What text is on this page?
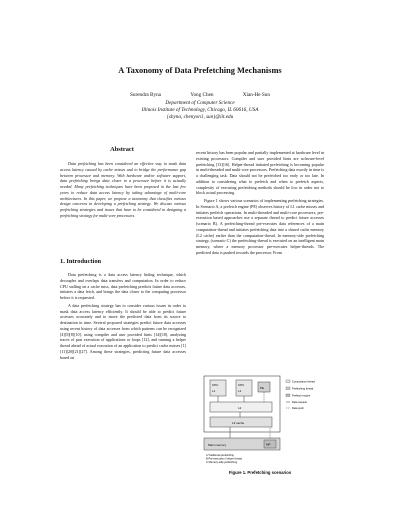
A Taxonomy of Data Prefetching Mechanisms
Surendra Byna	Yong Chen	Xian-He Sun
Department of Computer Science
Illinois Institute of Technology, Chicago, IL 60616, USA
{sbyna, chenyon1, sun}@iit.edu
Abstract

Data prefetching has been considered an effective way to mask data access latency caused by cache misses and to bridge the performance gap between processor and memory. With hardware and/or software support, data prefetching brings data closer to a processor before it is actually needed. Many prefetching techniques have been proposed in the last few years to reduce data access latency by taking advantage of multi-core architectures. In this paper, we propose a taxonomy that classifies various design concerns in developing a prefetching strategy. We discuss various prefetching strategies and issues that have to be considered in designing a prefetching strategy for multi-core processors.

1. Introduction

Data prefetching is a data access latency hiding technique, which decouples and overlaps data transfers and computation. In order to reduce CPU stalling on a cache miss, data prefetching predicts future data accesses, initiates a data fetch, and brings the data closer to the computing processor before it is requested.

A data prefetching strategy has to consider various issues in order to mask data access latency efficiently. It should be able to predict future accesses accurately and to move the predicted data from its source to destination in time. Several proposed strategies predict future data accesses using recent history of data accesses from which patterns can be recognized [4][5][8][10], using compiler and user provided hints [14][18], analyzing traces of past execution of applications or loops [12], and running a helper thread ahead of actual execution of an application to predict cache misses [1][11][20][21][27]. Among these strategies, predicting future data accesses based on

recent history has been popular and partially implemented at hardware level in existing processors. Compiler and user provided hints are software-level prefetching [13][16]. Helper-thread initiated prefetching is becoming popular in multi-threaded and multi-core processors. Prefetching data exactly in time is a challenging task. Data should not be prefetched too early or too late. In addition to considering what to prefetch and when to prefetch aspects, complexity of executing prefetching methods should be low in order not to block actual processing.

Figure 1 shows various scenarios of implementing prefetching strategies. In Scenario A, a prefetch engine (PE) observes history of L1 cache misses and initiates prefetch operations. In multi-threaded and multi-core processors, pre-execution based approaches use a separate thread to predict future accesses (scenario B). A prefetching-thread pre-executes data references of a main computation-thread and initiates prefetching data into a shared cache memory (L2 cache) earlier than the computation-thread. In memory-side prefetching strategy, (scenario C) the prefetching-thread is executed on an intelligent main memory, where a memory processor pre-executes helper-threads. The predicted data is pushed towards the processor. From

CPU
L1
CPU
L1
PE
L2
L3 cache
Main memory	MP
Computation thread
Prefetching thread
Prefetch engine
Data request
Data push
A Traditional prefetching
B Pre-execution / helper thread
C Memory-side prefetching
Figure 1. Prefetching scenarios
